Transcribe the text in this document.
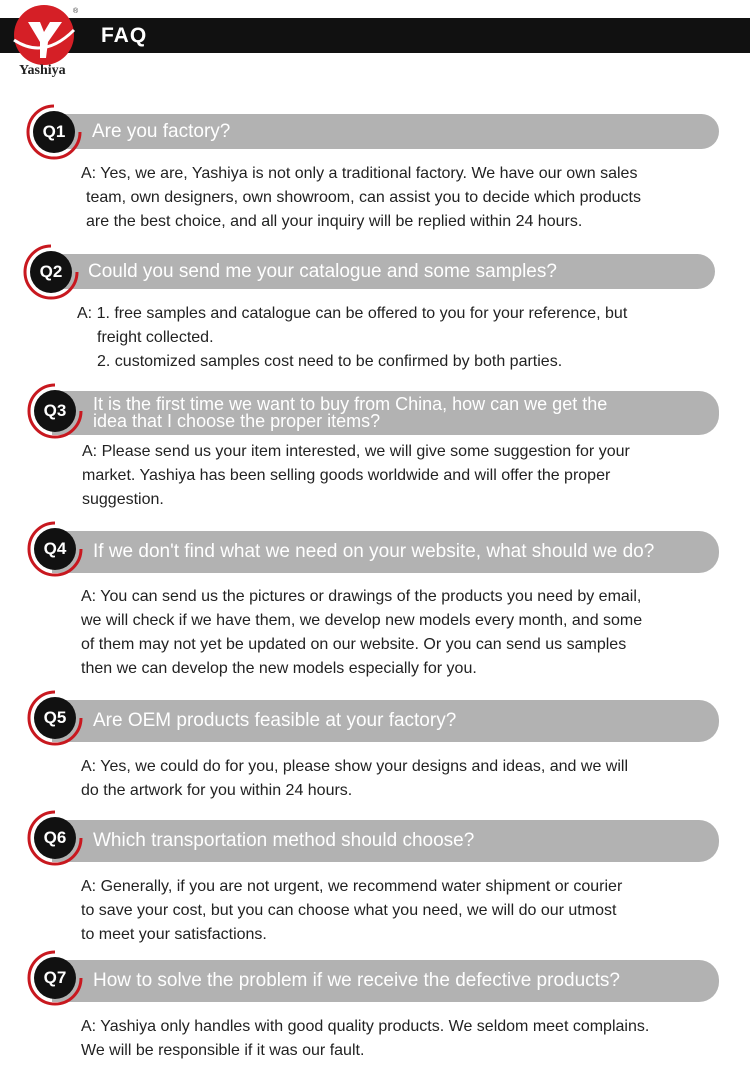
FAQ
®
Yashiya
Q1	Are you factory?
A: Yes, we are, Yashiya is not only a traditional factory. We have our own sales
team, own designers, own showroom, can assist you to decide which products
are the best choice, and all your inquiry will be replied within 24 hours.
Q2	Could you send me your catalogue and some samples?
A: 1. free samples and catalogue can be offered to you for your reference, but
freight collected.
2. customized samples cost need to be confirmed by both parties.
Q3	It is the first time we want to buy from China, how can we get the
idea that I choose the proper items?
A: Please send us your item interested, we will give some suggestion for your
market. Yashiya has been selling goods worldwide and will offer the proper
suggestion.
Q4	If we don't find what we need on your website, what should we do?
A: You can send us the pictures or drawings of the products you need by email,
we will check if we have them, we develop new models every month, and some
of them may not yet be updated on our website. Or you can send us samples
then we can develop the new models especially for you.
Q5	Are OEM products feasible at your factory?
A: Yes, we could do for you, please show your designs and ideas, and we will
do the artwork for you within 24 hours.
Q6	Which transportation method should choose?
A: Generally, if you are not urgent, we recommend water shipment or courier
to save your cost, but you can choose what you need, we will do our utmost
to meet your satisfactions.
Q7	How to solve the problem if we receive the defective products?
A: Yashiya only handles with good quality products. We seldom meet complains.
We will be responsible if it was our fault.
